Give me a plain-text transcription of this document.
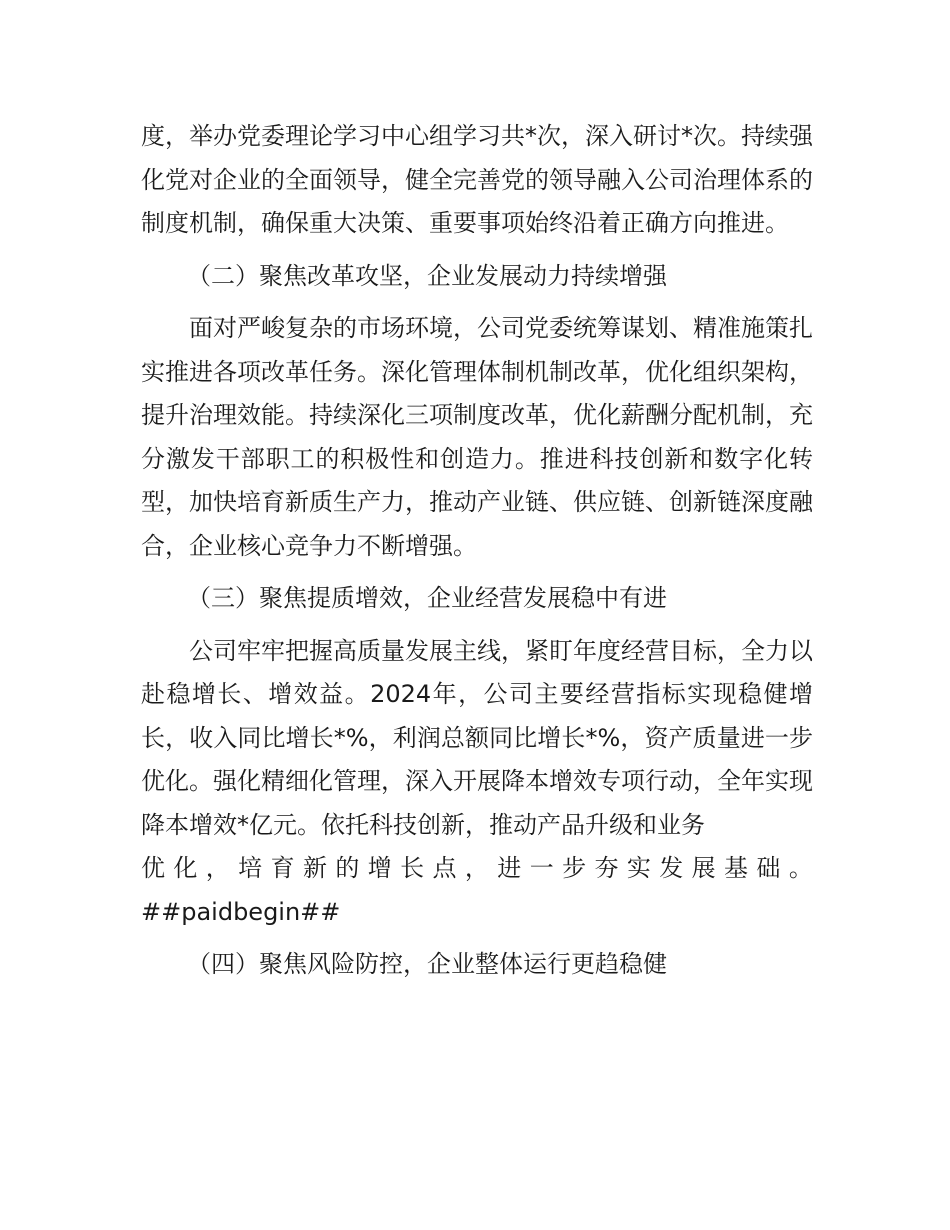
度，举办党委理论学习中心组学习共*次，深入研讨*次。持续强化党对企业的全面领导，健全完善党的领导融入公司治理体系的制度机制，确保重大决策、重要事项始终沿着正确方向推进。

（二）聚焦改革攻坚，企业发展动力持续增强

面对严峻复杂的市场环境，公司党委统筹谋划、精准施策扎实推进各项改革任务。深化管理体制机制改革，优化组织架构，提升治理效能。持续深化三项制度改革，优化薪酬分配机制，充分激发干部职工的积极性和创造力。推进科技创新和数字化转型，加快培育新质生产力，推动产业链、供应链、创新链深度融合，企业核心竞争力不断增强。

（三）聚焦提质增效，企业经营发展稳中有进

公司牢牢把握高质量发展主线，紧盯年度经营目标，全力以赴稳增长、增效益。2024年，公司主要经营指标实现稳健增长，收入同比增长*%，利润总额同比增长*%，资产质量进一步优化。强化精细化管理，深入开展降本增效专项行动，全年实现降本增效*亿元。依托科技创新，推动产品升级和业务

优 化 ， 培 育 新 的 增 长 点 ， 进 一 步 夯 实 发 展 基 础 。

##paidbegin##

（四）聚焦风险防控，企业整体运行更趋稳健
